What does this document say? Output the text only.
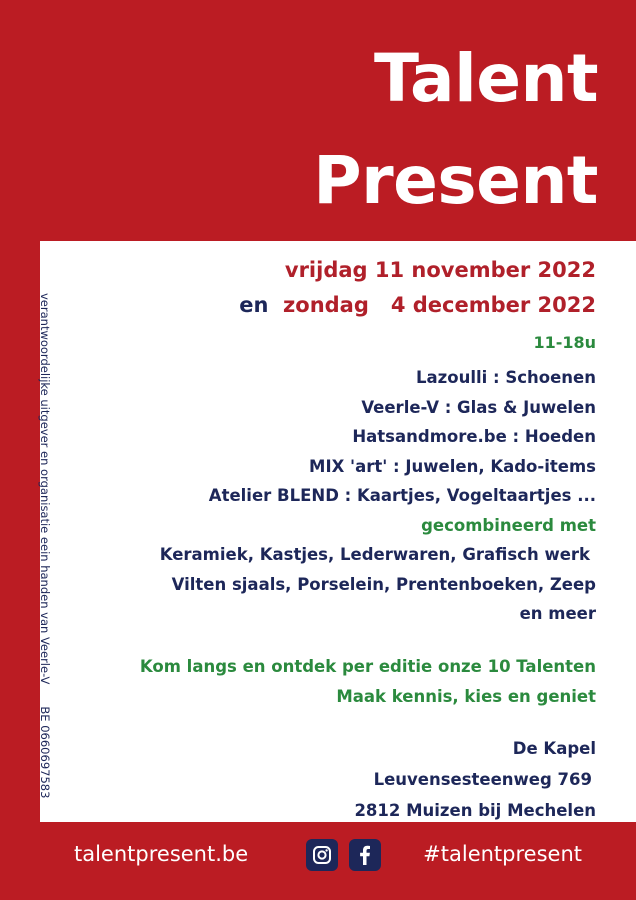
Talent
Present
vrijdag 11 november 2022
en zondag 4 december 2022
11-18u
Lazoulli : Schoenen
Veerle-V : Glas & Juwelen
Hatsandmore.be : Hoeden
MIX 'art' : Juwelen, Kado-items
Atelier BLEND : Kaartjes, Vogeltaartjes ...
gecombineerd met
Keramiek, Kastjes, Lederwaren, Grafisch werk
Vilten sjaals, Porselein, Prentenboeken, Zeep
en meer
Kom langs en ontdek per editie onze 10 Talenten
Maak kennis, kies en geniet
De Kapel
Leuvensesteenweg 769
2812 Muizen bij Mechelen
verantwoordelijke uitgever en organisatie eein handen van Veerle-VBE 0660697583
talentpresent.be	#talentpresent
